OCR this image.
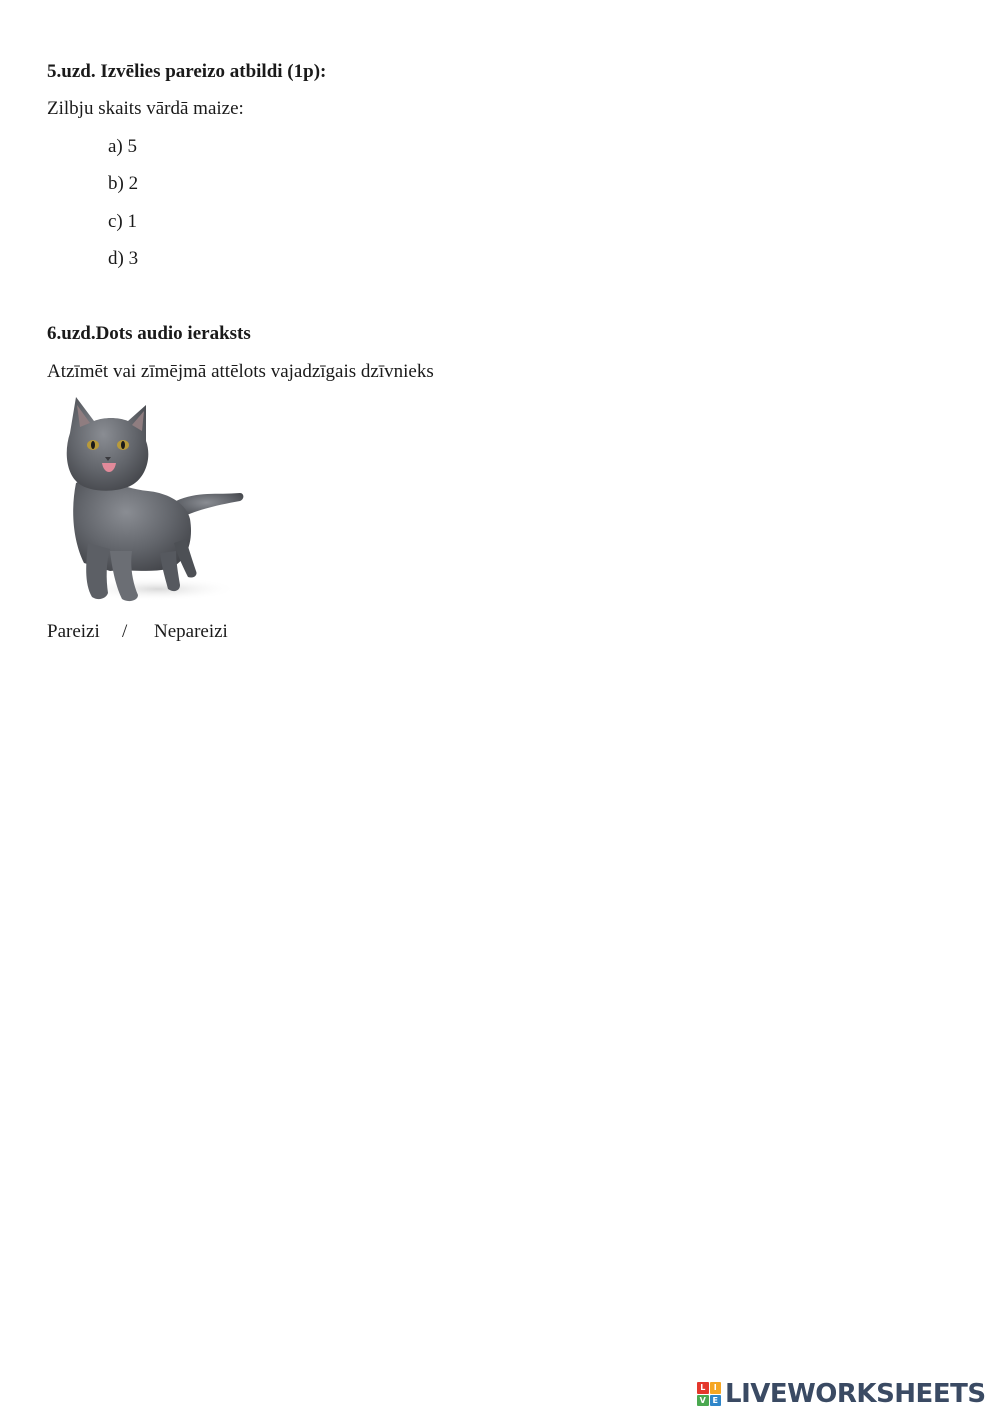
5.uzd. Izvēlies pareizo atbildi (1p):
Zilbju skaits vārdā maize:
a) 5
b) 2
c) 1
d) 3
6.uzd.Dots audio ieraksts
Atzīmēt vai zīmējmā attēlots vajadzīgais dzīvnieks
Pareizi / Nepareizi
L	I
V E LIVEWORKSHEETS
